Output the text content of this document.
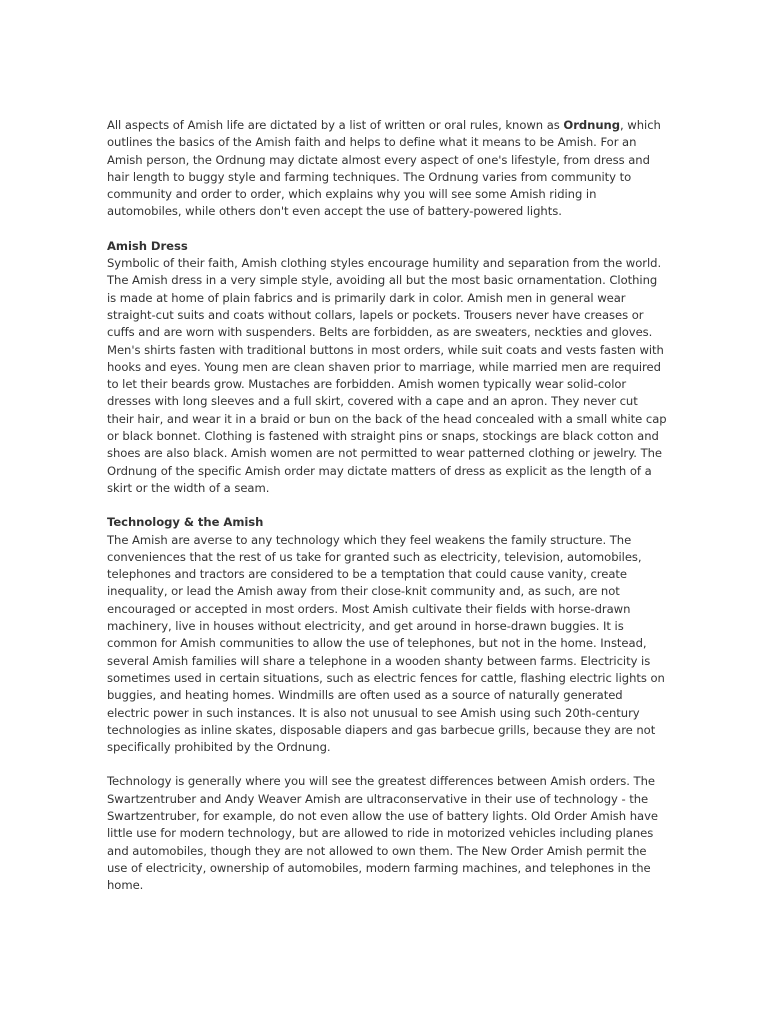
All aspects of Amish life are dictated by a list of written or oral rules, known as Ordnung, which outlines the basics of the Amish faith and helps to define what it means to be Amish. For an Amish person, the Ordnung may dictate almost every aspect of one's lifestyle, from dress and hair length to buggy style and farming techniques. The Ordnung varies from community to community and order to order, which explains why you will see some Amish riding in automobiles, while others don't even accept the use of battery-powered lights.

Amish Dress
Symbolic of their faith, Amish clothing styles encourage humility and separation from the world. The Amish dress in a very simple style, avoiding all but the most basic ornamentation. Clothing is made at home of plain fabrics and is primarily dark in color. Amish men in general wear straight-cut suits and coats without collars, lapels or pockets. Trousers never have creases or cuffs and are worn with suspenders. Belts are forbidden, as are sweaters, neckties and gloves. Men's shirts fasten with traditional buttons in most orders, while suit coats and vests fasten with hooks and eyes. Young men are clean shaven prior to marriage, while married men are required to let their beards grow. Mustaches are forbidden. Amish women typically wear solid-color dresses with long sleeves and a full skirt, covered with a cape and an apron. They never cut their hair, and wear it in a braid or bun on the back of the head concealed with a small white cap or black bonnet. Clothing is fastened with straight pins or snaps, stockings are black cotton and shoes are also black. Amish women are not permitted to wear patterned clothing or jewelry. The Ordnung of the specific Amish order may dictate matters of dress as explicit as the length of a skirt or the width of a seam.
Technology & the Amish
The Amish are averse to any technology which they feel weakens the family structure. The conveniences that the rest of us take for granted such as electricity, television, automobiles, telephones and tractors are considered to be a temptation that could cause vanity, create inequality, or lead the Amish away from their close-knit community and, as such, are not encouraged or accepted in most orders. Most Amish cultivate their fields with horse-drawn machinery, live in houses without electricity, and get around in horse-drawn buggies. It is common for Amish communities to allow the use of telephones, but not in the home. Instead, several Amish families will share a telephone in a wooden shanty between farms. Electricity is sometimes used in certain situations, such as electric fences for cattle, flashing electric lights on buggies, and heating homes. Windmills are often used as a source of naturally generated electric power in such instances. It is also not unusual to see Amish using such 20th-century technologies as inline skates, disposable diapers and gas barbecue grills, because they are not specifically prohibited by the Ordnung.

Technology is generally where you will see the greatest differences between Amish orders. The Swartzentruber and Andy Weaver Amish are ultraconservative in their use of technology - the Swartzentruber, for example, do not even allow the use of battery lights. Old Order Amish have little use for modern technology, but are allowed to ride in motorized vehicles including planes and automobiles, though they are not allowed to own them. The New Order Amish permit the use of electricity, ownership of automobiles, modern farming machines, and telephones in the home.
